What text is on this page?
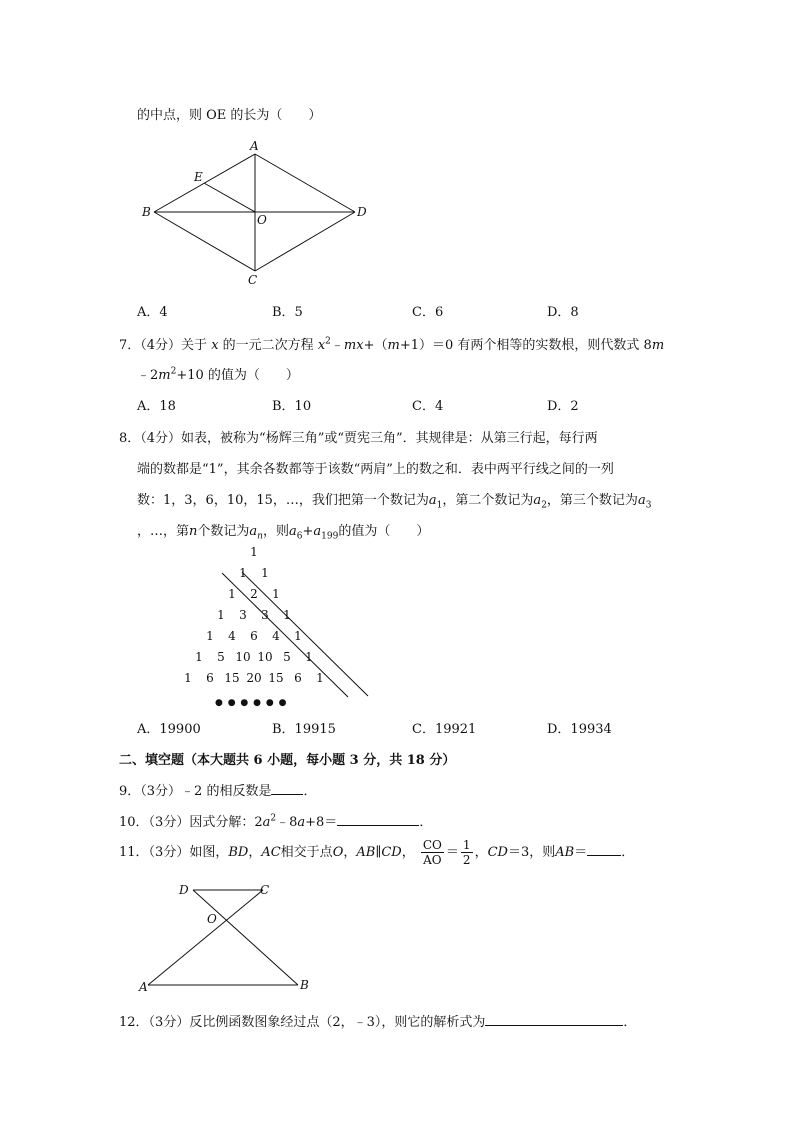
的中点，则 OE 的长为（　　）
A
B
C
D
E
O
A．4	B．5	C．6	D．8
7．（4分）关于 x 的一元二次方程 $x^2﹣mx+(m+1)=0$ 有两个相等的实数根，则代数式 8m
$﹣2m^2+10$ 的值为（　　）
A．18	B．10	C．4	D．2
8．（4分）如表，被称为“杨辉三角”或“贾宪三角”．其规律是：从第三行起，每行两
端的数都是“1”，其余各数都等于该数“两肩”上的数之和．表中两平行线之间的一列
数：1，3，6，10，15，…，我们把第一个数记为$a_1$，第二个数记为$a_2$，第三个数记为$a_3$
，…，第n个数记为$a_n$，则$a_6+a_{199}$的值为（　　）
1
1 1
1 2 1
1 3 3 1
1 4 6 4 1
1 5 10 10 5 1
1 6 15 20 15 6 1
● ● ● ● ● ●
A．19900	B．19915	C．19921	D．19934
二、填空题（本大题共 6 小题，每小题 3 分，共 18 分）
9．（3分）﹣2 的相反数是 ．
10．（3分）因式分解：$2a^2﹣8a+8=$	．
11．（3分）如图，BD，AC相交于点O，AB∥CD， $\frac{CO}{AO} = \frac{1}{2}$ ，CD＝3，则AB＝	．
D	C
O
A	B
12．（3分）反比例函数图象经过点（2，﹣3），则它的解析式为	．
